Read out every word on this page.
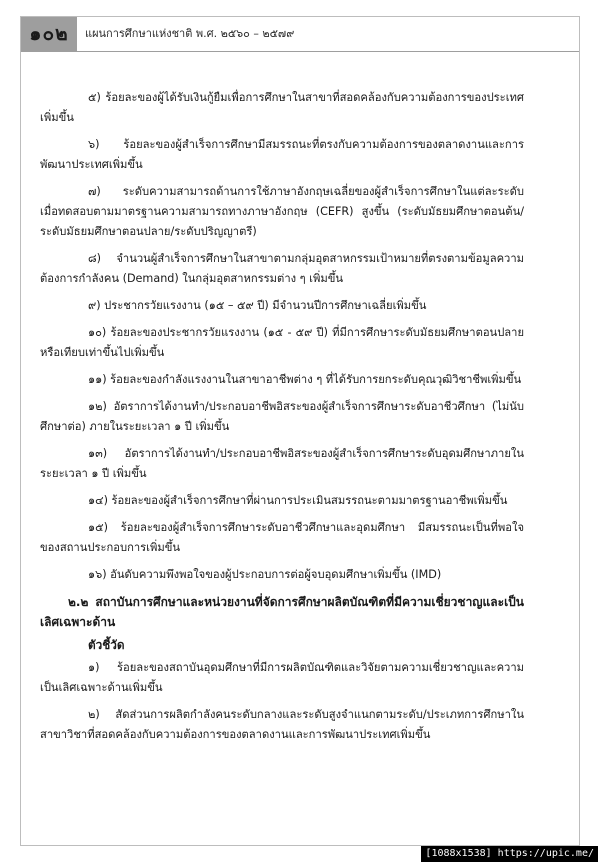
๑๐๒	แผนการศึกษาแห่งชาติ พ.ศ. ๒๕๖๐ – ๒๕๗๙

๕) ร้อยละของผู้ได้รับเงินกู้ยืมเพื่อการศึกษาในสาขาที่สอดคล้องกับความต้องการของประเทศเพิ่มขึ้น

๖) ร้อยละของผู้สำเร็จการศึกษามีสมรรถนะที่ตรงกับความต้องการของตลาดงานและการพัฒนาประเทศเพิ่มขึ้น

๗) ระดับความสามารถด้านการใช้ภาษาอังกฤษเฉลี่ยของผู้สำเร็จการศึกษาในแต่ละระดับ เมื่อทดสอบตามมาตรฐานความสามารถทางภาษาอังกฤษ (CEFR) สูงขึ้น (ระดับมัธยมศึกษาตอนต้น/ระดับมัธยมศึกษาตอนปลาย/ระดับปริญญาตรี)

๘) จำนวนผู้สำเร็จการศึกษาในสาขาตามกลุ่มอุตสาหกรรมเป้าหมายที่ตรงตามข้อมูลความต้องการกำลังคน (Demand) ในกลุ่มอุตสาหกรรมต่าง ๆ เพิ่มขึ้น

๙) ประชากรวัยแรงงาน (๑๕ – ๕๙ ปี) มีจำนวนปีการศึกษาเฉลี่ยเพิ่มขึ้น

๑๐) ร้อยละของประชากรวัยแรงงาน (๑๕ - ๕๙ ปี) ที่มีการศึกษาระดับมัธยมศึกษาตอนปลายหรือเทียบเท่าขึ้นไปเพิ่มขึ้น

๑๑) ร้อยละของกำลังแรงงานในสาขาอาชีพต่าง ๆ ที่ได้รับการยกระดับคุณวุฒิวิชาชีพเพิ่มขึ้น

๑๒) อัตราการได้งานทำ/ประกอบอาชีพอิสระของผู้สำเร็จการศึกษาระดับอาชีวศึกษา (ไม่นับศึกษาต่อ) ภายในระยะเวลา ๑ ปี เพิ่มขึ้น

๑๓) อัตราการได้งานทำ/ประกอบอาชีพอิสระของผู้สำเร็จการศึกษาระดับอุดมศึกษาภายในระยะเวลา ๑ ปี เพิ่มขึ้น

๑๔) ร้อยละของผู้สำเร็จการศึกษาที่ผ่านการประเมินสมรรถนะตามมาตรฐานอาชีพเพิ่มขึ้น

๑๕) ร้อยละของผู้สำเร็จการศึกษาระดับอาชีวศึกษาและอุดมศึกษา มีสมรรถนะเป็นที่พอใจของสถานประกอบการเพิ่มขึ้น

๑๖) อันดับความพึงพอใจของผู้ประกอบการต่อผู้จบอุดมศึกษาเพิ่มขึ้น (IMD)

๒.๒ สถาบันการศึกษาและหน่วยงานที่จัดการศึกษาผลิตบัณฑิตที่มีความเชี่ยวชาญและเป็นเลิศเฉพาะด้าน

ตัวชี้วัด

๑) ร้อยละของสถาบันอุดมศึกษาที่มีการผลิตบัณฑิตและวิจัยตามความเชี่ยวชาญและความเป็นเลิศเฉพาะด้านเพิ่มขึ้น

๒) สัดส่วนการผลิตกำลังคนระดับกลางและระดับสูงจำแนกตามระดับ/ประเภทการศึกษาในสาขาวิชาที่สอดคล้องกับความต้องการของตลาดงานและการพัฒนาประเทศเพิ่มขึ้น

[1088x1538] https://upic.me/
